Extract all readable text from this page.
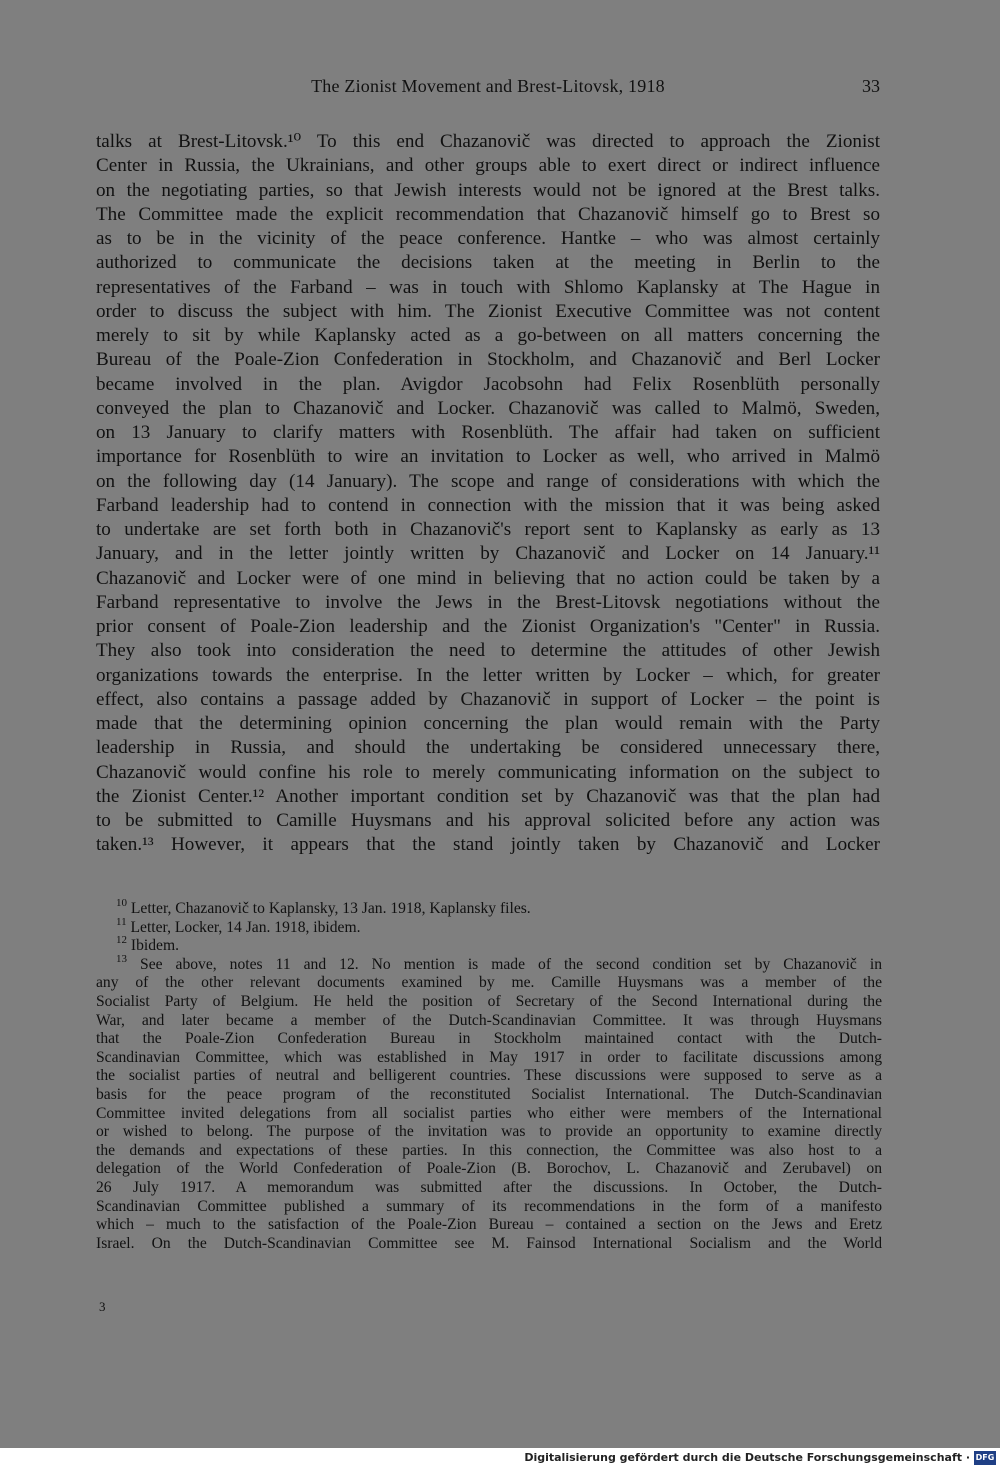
The Zionist Movement and Brest-Litovsk, 1918	33
talks at Brest-Litovsk.¹⁰ To this end Chazanovič was directed to approach the Zionist
Center in Russia, the Ukrainians, and other groups able to exert direct or indirect influence
on the negotiating parties, so that Jewish interests would not be ignored at the Brest talks.
The Committee made the explicit recommendation that Chazanovič himself go to Brest so
as to be in the vicinity of the peace conference. Hantke – who was almost certainly
authorized to communicate the decisions taken at the meeting in Berlin to the
representatives of the Farband – was in touch with Shlomo Kaplansky at The Hague in
order to discuss the subject with him. The Zionist Executive Committee was not content
merely to sit by while Kaplansky acted as a go-between on all matters concerning the
Bureau of the Poale-Zion Confederation in Stockholm, and Chazanovič and Berl Locker
became involved in the plan. Avigdor Jacobsohn had Felix Rosenblüth personally
conveyed the plan to Chazanovič and Locker. Chazanovič was called to Malmö, Sweden,
on 13 January to clarify matters with Rosenblüth. The affair had taken on sufficient
importance for Rosenblüth to wire an invitation to Locker as well, who arrived in Malmö
on the following day (14 January). The scope and range of considerations with which the
Farband leadership had to contend in connection with the mission that it was being asked
to undertake are set forth both in Chazanovič's report sent to Kaplansky as early as 13
January, and in the letter jointly written by Chazanovič and Locker on 14 January.¹¹
Chazanovič and Locker were of one mind in believing that no action could be taken by a
Farband representative to involve the Jews in the Brest-Litovsk negotiations without the
prior consent of Poale-Zion leadership and the Zionist Organization's "Center" in Russia.
They also took into consideration the need to determine the attitudes of other Jewish
organizations towards the enterprise. In the letter written by Locker – which, for greater
effect, also contains a passage added by Chazanovič in support of Locker – the point is
made that the determining opinion concerning the plan would remain with the Party
leadership in Russia, and should the undertaking be considered unnecessary there,
Chazanovič would confine his role to merely communicating information on the subject to
the Zionist Center.¹² Another important condition set by Chazanovič was that the plan had
to be submitted to Camille Huysmans and his approval solicited before any action was
taken.¹³ However, it appears that the stand jointly taken by Chazanovič and Locker
$^{10}$ Letter, Chazanovič to Kaplansky, 13 Jan. 1918, Kaplansky files.
$^{11}$ Letter, Locker, 14 Jan. 1918, ibidem.
$^{12}$ Ibidem.
$^{13}$ See above, notes 11 and 12. No mention is made of the second condition set by Chazanovič in
any of the other relevant documents examined by me. Camille Huysmans was a member of the
Socialist Party of Belgium. He held the position of Secretary of the Second International during the
War, and later became a member of the Dutch-Scandinavian Committee. It was through Huysmans
that the Poale-Zion Confederation Bureau in Stockholm maintained contact with the Dutch-
Scandinavian Committee, which was established in May 1917 in order to facilitate discussions among
the socialist parties of neutral and belligerent countries. These discussions were supposed to serve as a
basis for the peace program of the reconstituted Socialist International. The Dutch-Scandinavian
Committee invited delegations from all socialist parties who either were members of the International
or wished to belong. The purpose of the invitation was to provide an opportunity to examine directly
the demands and expectations of these parties. In this connection, the Committee was also host to a
delegation of the World Confederation of Poale-Zion (B. Borochov, L. Chazanovič and Zerubavel) on
26 July 1917. A memorandum was submitted after the discussions. In October, the Dutch-
Scandinavian Committee published a summary of its recommendations in the form of a manifesto
which – much to the satisfaction of the Poale-Zion Bureau – contained a section on the Jews and Eretz
Israel. On the Dutch-Scandinavian Committee see M. Fainsod International Socialism and the World
3
Digitalisierung gefördert durch die Deutsche Forschungsgemeinschaft · DFG
